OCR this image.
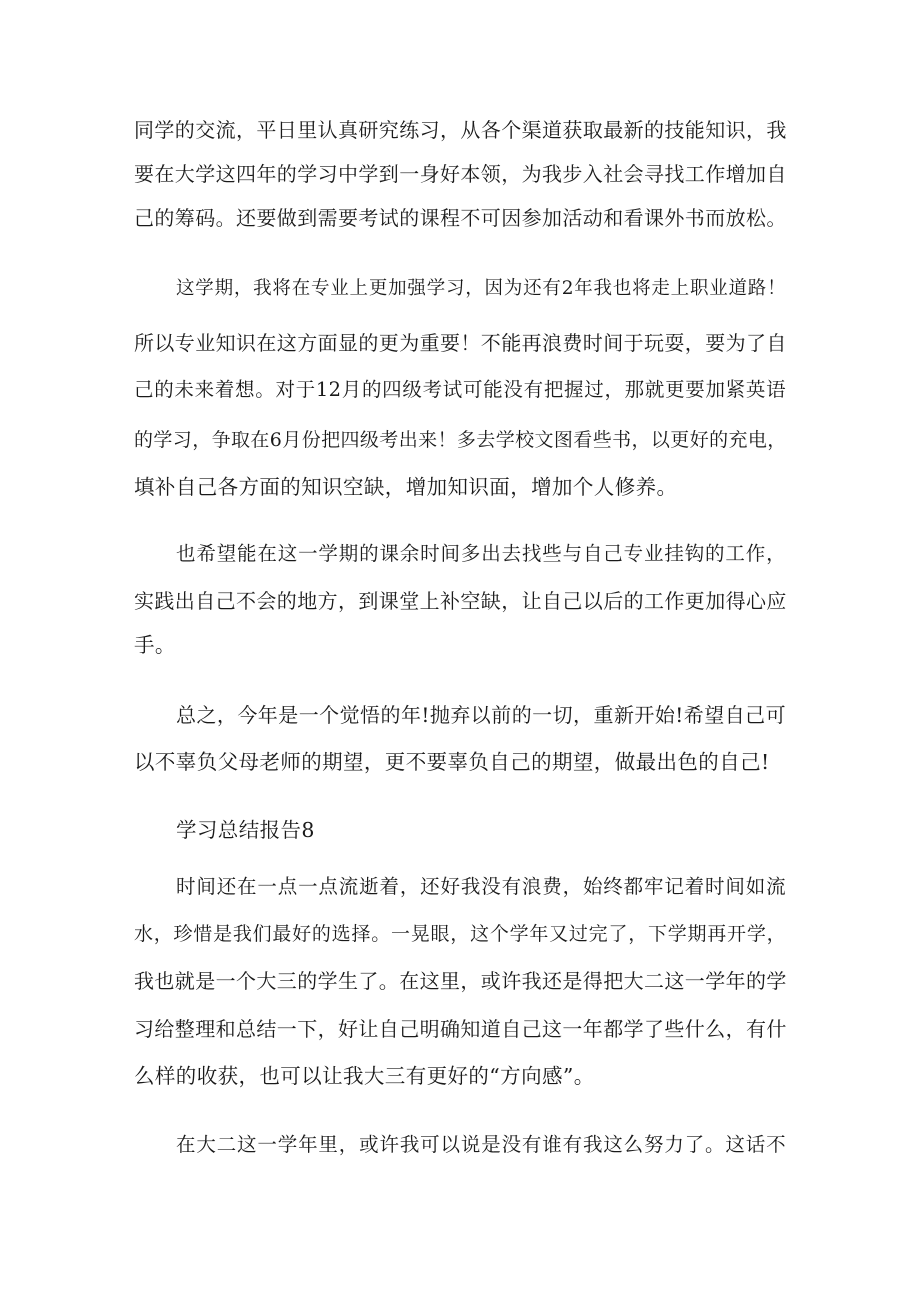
同学的交流，平日里认真研究练习，从各个渠道获取最新的技能知识，我
要在大学这四年的学习中学到一身好本领，为我步入社会寻找工作增加自
己的筹码。还要做到需要考试的课程不可因参加活动和看课外书而放松。
这学期，我将在专业上更加强学习，因为还有2年我也将走上职业道路！
所以专业知识在这方面显的更为重要！不能再浪费时间于玩耍，要为了自
己的未来着想。对于12月的四级考试可能没有把握过，那就更要加紧英语
的学习，争取在6月份把四级考出来！多去学校文图看些书，以更好的充电，
填补自己各方面的知识空缺，增加知识面，增加个人修养。
也希望能在这一学期的课余时间多出去找些与自己专业挂钩的工作，
实践出自己不会的地方，到课堂上补空缺，让自己以后的工作更加得心应
手。
总之，今年是一个觉悟的年!抛弃以前的一切，重新开始!希望自己可
以不辜负父母老师的期望，更不要辜负自己的期望，做最出色的自己!
学习总结报告8
时间还在一点一点流逝着，还好我没有浪费，始终都牢记着时间如流
水，珍惜是我们最好的选择。一晃眼，这个学年又过完了，下学期再开学，
我也就是一个大三的学生了。在这里，或许我还是得把大二这一学年的学
习给整理和总结一下，好让自己明确知道自己这一年都学了些什么，有什
么样的收获，也可以让我大三有更好的“方向感”。
在大二这一学年里，或许我可以说是没有谁有我这么努力了。这话不
